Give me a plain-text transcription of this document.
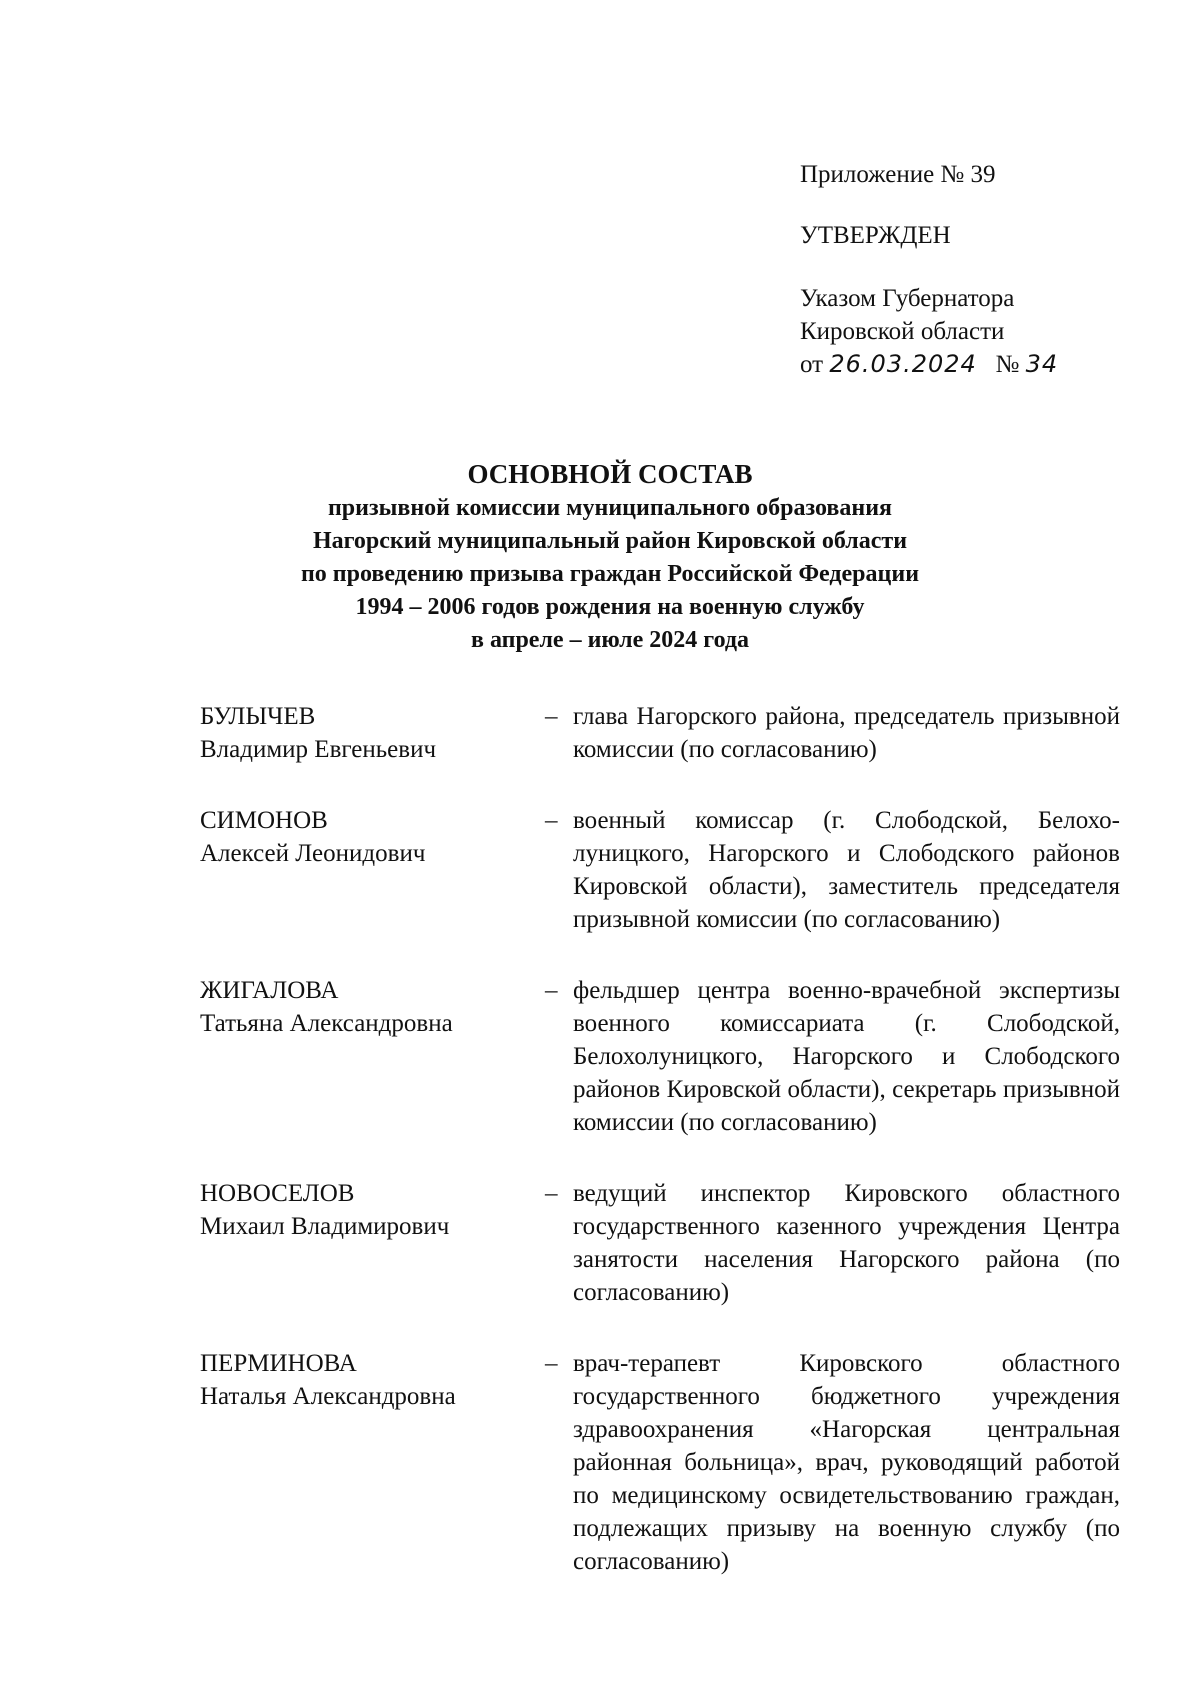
Приложение № 39
УТВЕРЖДЕН
Указом Губернатора
Кировской области
от 26.03.2024 № 34
ОСНОВНОЙ СОСТАВ
призывной комиссии муниципального образования
Нагорский муниципальный район Кировской области
по проведению призыва граждан Российской Федерации
1994 – 2006 годов рождения на военную службу
в апреле – июле 2024 года
БУЛЫЧЕВ
Владимир Евгеньевич
– глава Нагорского района, председатель призывной комиссии (по согласованию)
СИМОНОВ
Алексей Леонидович
– военный комиссар (г. Слободской, Белохолуницкого, Нагорского и Слободского районов Кировской области), заместитель председателя призывной комиссии (по согласованию)
ЖИГАЛОВА
Татьяна Александровна
– фельдшер центра военно-врачебной экспертизы военного комиссариата (г. Слободской, Белохолуницкого, Нагорского и Слободского районов Кировской области), секретарь призывной комиссии (по согласованию)
НОВОСЕЛОВ
Михаил Владимирович
– ведущий инспектор Кировского областного государственного казенного учреждения Центра занятости населения Нагорского района (по согласованию)
ПЕРМИНОВА
Наталья Александровна
– врач-терапевт Кировского областного государственного бюджетного учреждения здравоохранения «Нагорская центральная районная больница», врач, руководящий работой по медицинскому освидетельствованию граждан, подлежащих призыву на военную службу (по согласованию)
